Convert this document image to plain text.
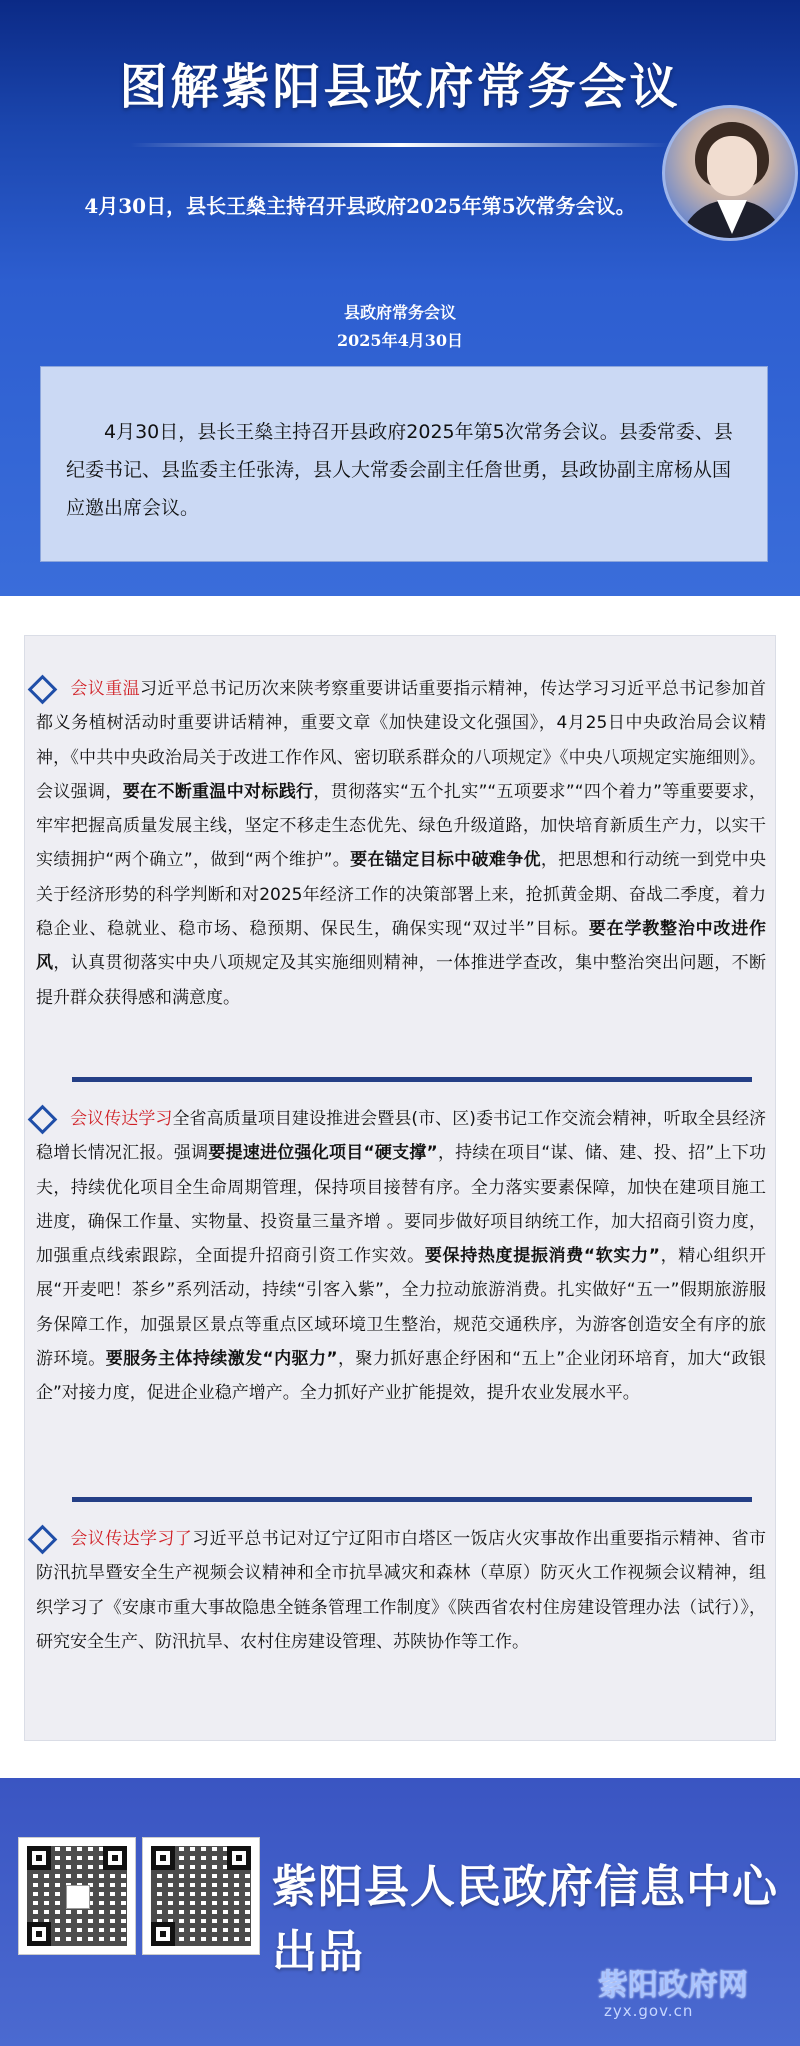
图解紫阳县政府常务会议
4月30日，县长王燊主持召开县政府2025年第5次常务会议。
县政府常务会议
2025年4月30日

4月30日，县长王燊主持召开县政府2025年第5次常务会议。县委常委、县纪委书记、县监委主任张涛，县人大常委会副主任詹世勇，县政协副主席杨从国应邀出席会议。

会议重温习近平总书记历次来陕考察重要讲话重要指示精神，传达学习习近平总书记参加首都义务植树活动时重要讲话精神，重要文章《加快建设文化强国》，4月25日中央政治局会议精神，《中共中央政治局关于改进工作作风、密切联系群众的八项规定》《中央八项规定实施细则》。会议强调，要在不断重温中对标践行，贯彻落实“五个扎实”“五项要求”“四个着力”等重要要求，牢牢把握高质量发展主线，坚定不移走生态优先、绿色升级道路，加快培育新质生产力，以实干实绩拥护“两个确立”，做到“两个维护”。要在锚定目标中破难争优，把思想和行动统一到党中央关于经济形势的科学判断和对2025年经济工作的决策部署上来，抢抓黄金期、奋战二季度，着力稳企业、稳就业、稳市场、稳预期、保民生，确保实现“双过半”目标。要在学教整治中改进作风，认真贯彻落实中央八项规定及其实施细则精神，一体推进学查改，集中整治突出问题，不断提升群众获得感和满意度。

会议传达学习全省高质量项目建设推进会暨县(市、区)委书记工作交流会精神，听取全县经济稳增长情况汇报。强调要提速进位强化项目“硬支撑”，持续在项目“谋、储、建、投、招”上下功夫，持续优化项目全生命周期管理，保持项目接替有序。全力落实要素保障，加快在建项目施工进度，确保工作量、实物量、投资量三量齐增 。要同步做好项目纳统工作，加大招商引资力度，加强重点线索跟踪，全面提升招商引资工作实效。要保持热度提振消费“软实力”，精心组织开展“开麦吧！茶乡”系列活动，持续“引客入紫”，全力拉动旅游消费。扎实做好“五一”假期旅游服务保障工作，加强景区景点等重点区域环境卫生整治，规范交通秩序，为游客创造安全有序的旅游环境。要服务主体持续激发“内驱力”，聚力抓好惠企纾困和“五上”企业闭环培育，加大“政银企”对接力度，促进企业稳产增产。全力抓好产业扩能提效，提升农业发展水平。

会议传达学习了习近平总书记对辽宁辽阳市白塔区一饭店火灾事故作出重要指示精神、省市防汛抗旱暨安全生产视频会议精神和全市抗旱减灾和森林（草原）防灭火工作视频会议精神，组织学习了《安康市重大事故隐患全链条管理工作制度》《陕西省农村住房建设管理办法（试行）》，研究安全生产、防汛抗旱、农村住房建设管理、苏陕协作等工作。

紫阳县人民政府信息中心出品
紫阳政府网
zyx.gov.cn
